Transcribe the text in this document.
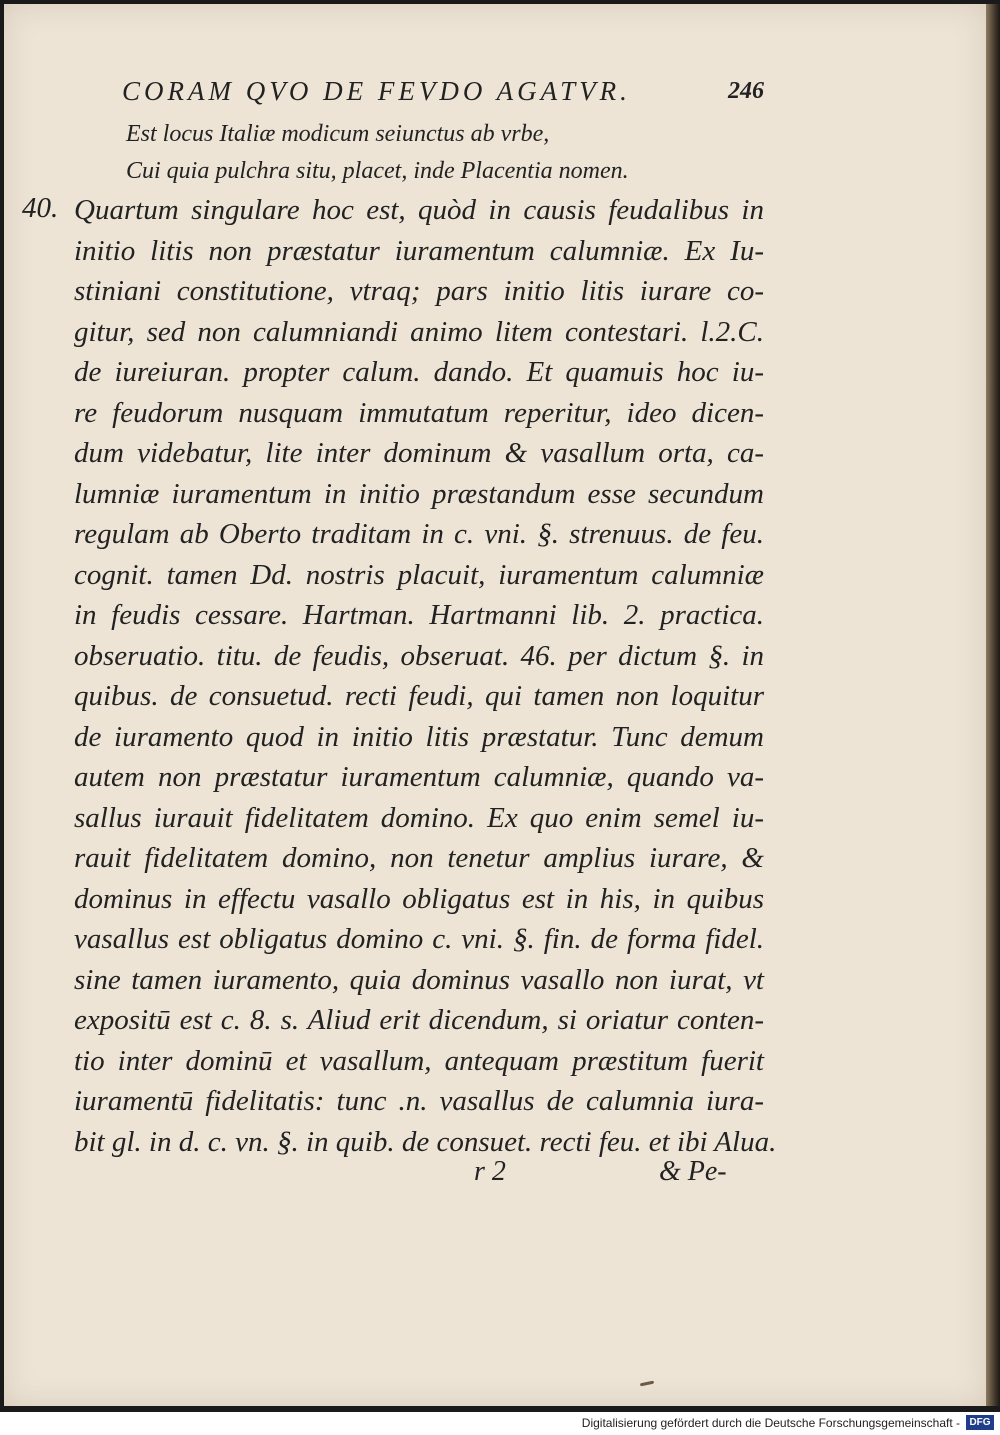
CORAM QVO DE FEVDO AGATVR.	246
Est locus Italiæ modicum seiunctus ab vrbe,
Cui quia pulchra situ, placet, inde Placentia nomen.
40. Quartum singulare hoc est, quòd in causis feudalibus in
initio litis non præstatur iuramentum calumniæ. Ex Iu-
stiniani constitutione, vtraq; pars initio litis iurare co-
gitur, sed non calumniandi animo litem contestari. l.2.C.
de iureiuran. propter calum. dando. Et quamuis hoc iu-
re feudorum nusquam immutatum reperitur, ideo dicen-
dum videbatur, lite inter dominum & vasallum orta, ca-
lumniæ iuramentum in initio præstandum esse secundum
regulam ab Oberto traditam in c. vni. §. strenuus. de feu.
cognit. tamen Dd. nostris placuit, iuramentum calumniæ
in feudis cessare. Hartman. Hartmanni lib. 2. practica.
obseruatio. titu. de feudis, obseruat. 46. per dictum §. in
quibus. de consuetud. recti feudi, qui tamen non loquitur
de iuramento quod in initio litis præstatur. Tunc demum
autem non præstatur iuramentum calumniæ, quando va-
sallus iurauit fidelitatem domino. Ex quo enim semel iu-
rauit fidelitatem domino, non tenetur amplius iurare, &
dominus in effectu vasallo obligatus est in his, in quibus
vasallus est obligatus domino c. vni. §. fin. de forma fidel.
sine tamen iuramento, quia dominus vasallo non iurat, vt
expositū est c. 8. s. Aliud erit dicendum, si oriatur conten-
tio inter dominū et vasallum, antequam præstitum fuerit
iuramentū fidelitatis: tunc .n. vasallus de calumnia iura-
bit gl. in d. c. vn. §. in quib. de consuet. recti feu. et ibi Alua.
r 2	& Pe-
Digitalisierung gefördert durch die Deutsche Forschungsgemeinschaft - DFG
